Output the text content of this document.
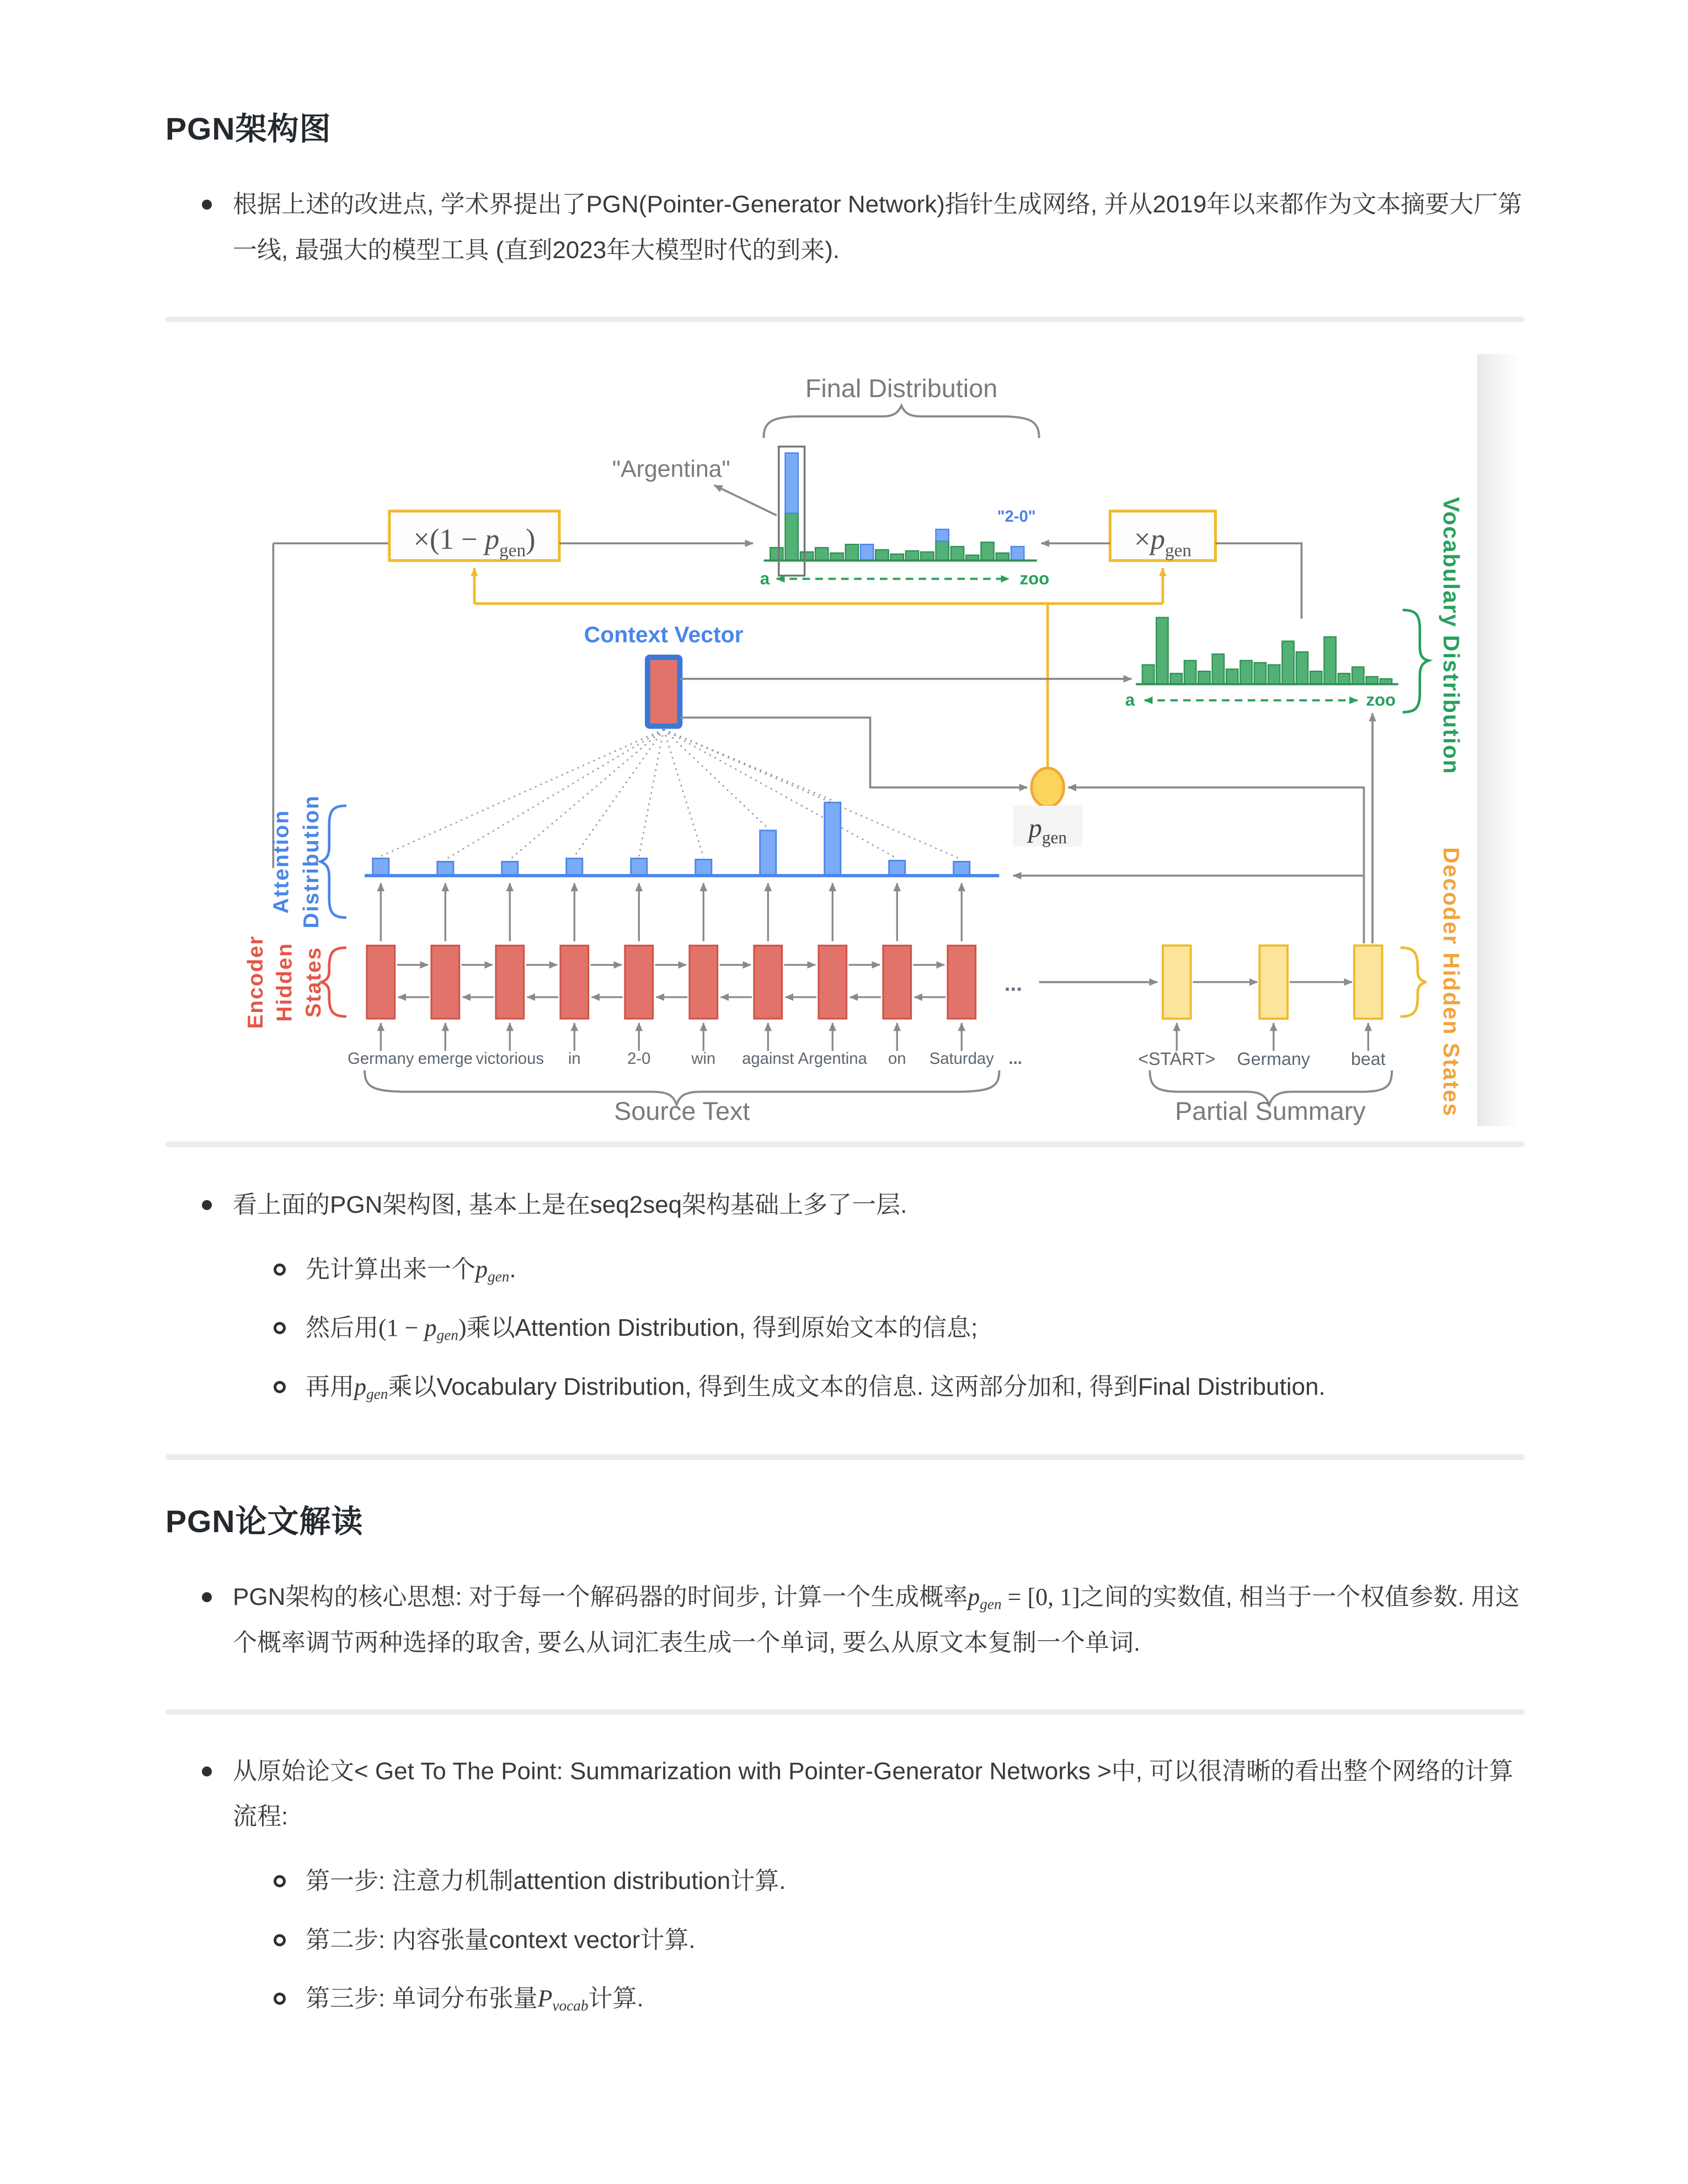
PGN架构图
根据上述的改进点, 学术界提出了PGN(Pointer-Generator Network)指针生成网络, 并从2019年以来都作为文本摘要大厂第一线, 最强大的模型工具 (直到2023年大模型时代的到来).
Final Distribution
"Argentina"
"2-0"
a	zoo
$\times(1 - p_{gen})$	$\times p_{gen}$
Context Vector
a	zoo	Vocabulary Distribution
$p_{gen}$
Attention Distribution
Germany emerge victorious	in	2-0	win	against Argentina	on	Saturday
Encoder Hidden States	...
...	<START> Germany	beat	Decoder Hidden States
Source Text	Partial Summary
看上面的PGN架构图, 基本上是在seq2seq架构基础上多了一层.
先计算出来一个pgen.
然后用(1 − pgen)乘以Attention Distribution, 得到原始文本的信息;
再用pgen乘以Vocabulary Distribution, 得到生成文本的信息. 这两部分加和, 得到Final Distribution.
PGN论文解读
PGN架构的核心思想: 对于每一个解码器的时间步, 计算一个生成概率pgen = [0, 1]之间的实数值, 相当于一个权值参数. 用这个概率调节两种选择的取舍, 要么从词汇表生成一个单词, 要么从原文本复制一个单词.
从原始论文< Get To The Point: Summarization with Pointer-Generator Networks >中, 可以很清晰的看出整个网络的计算流程:
第一步: 注意力机制attention distribution计算.
第二步: 内容张量context vector计算.
第三步: 单词分布张量Pvocab计算.
